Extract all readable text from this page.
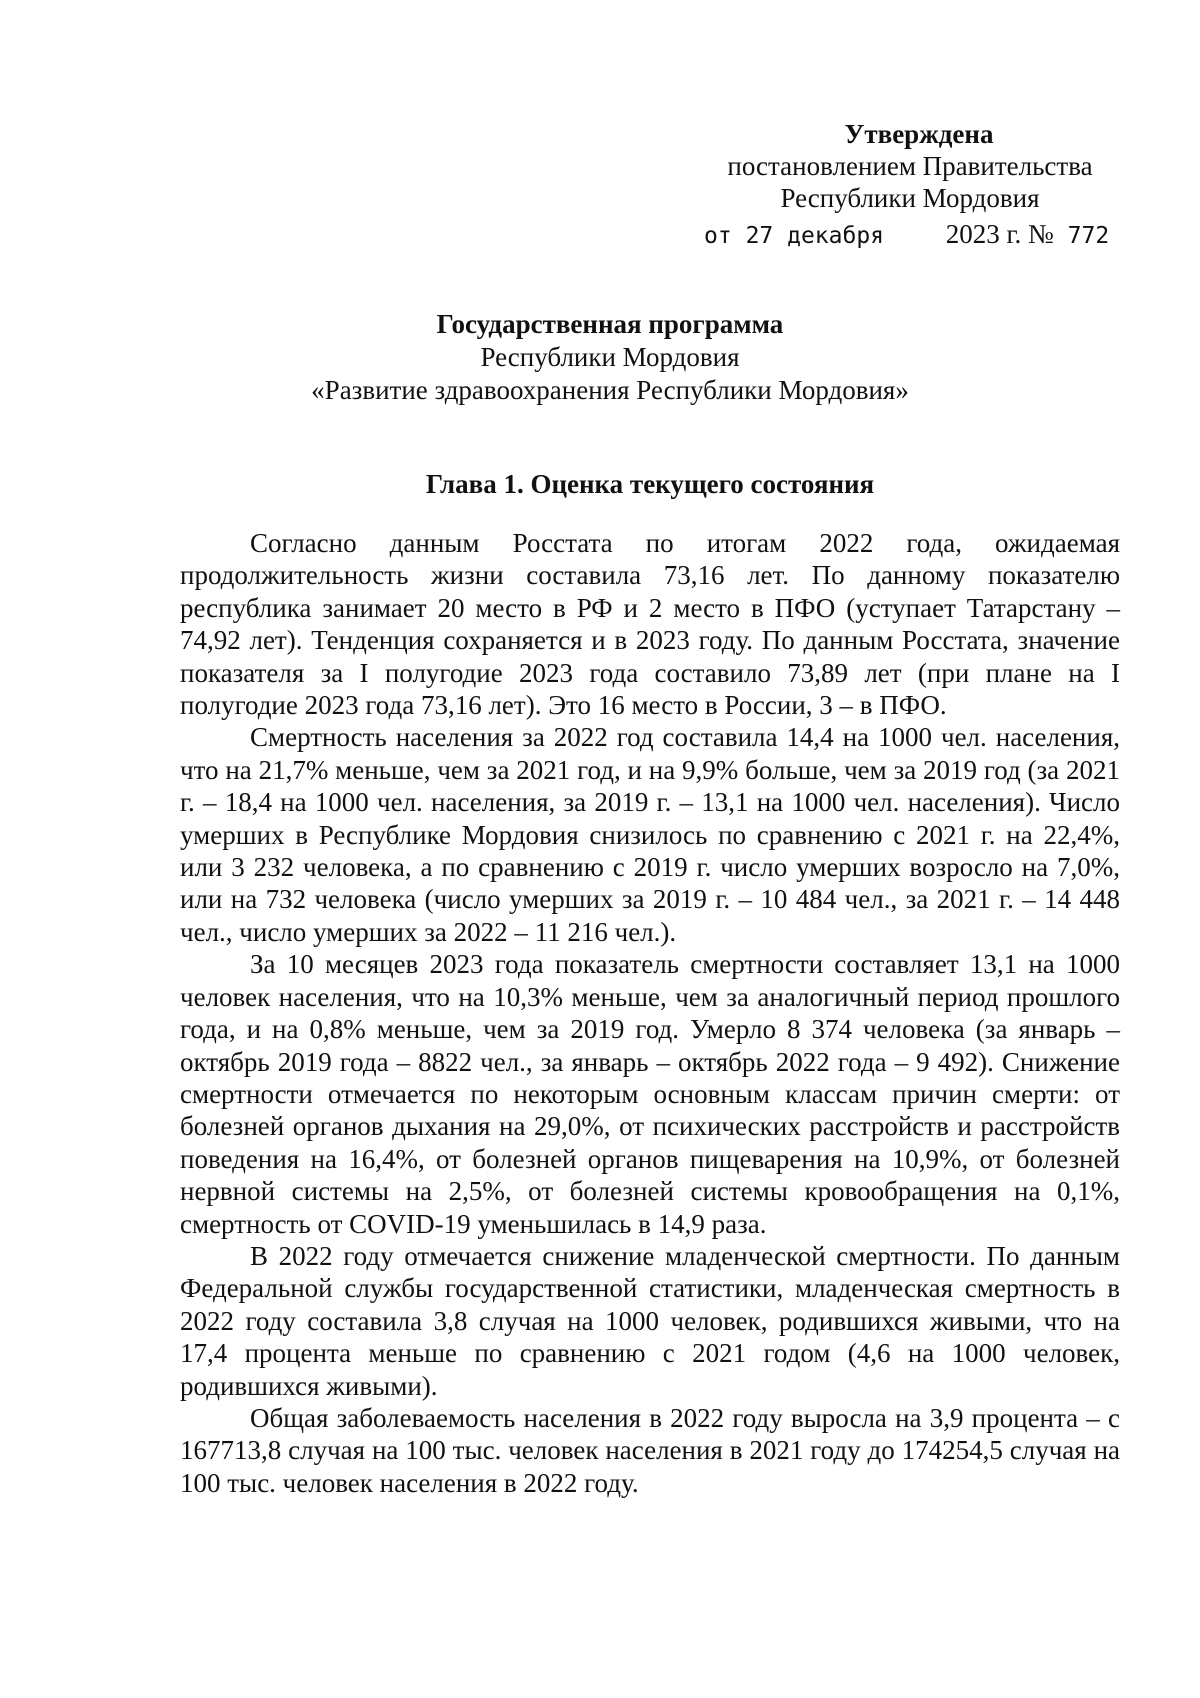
Утверждена
постановлением Правительства
Республики Мордовия
от 27 декабря 2023 г. № 772
Государственная программа
Республики Мордовия
«Развитие здравоохранения Республики Мордовия»
Глава 1. Оценка текущего состояния

Согласно данным Росстата по итогам 2022 года, ожидаемая продолжительность жизни составила 73,16 лет. По данному показателю республика занимает 20 место в РФ и 2 место в ПФО (уступает Татарстану – 74,92 лет). Тенденция сохраняется и в 2023 году. По данным Росстата, значение показателя за I полугодие 2023 года составило 73,89 лет (при плане на I полугодие 2023 года 73,16 лет). Это 16 место в России, 3 – в ПФО.

Смертность населения за 2022 год составила 14,4 на 1000 чел. населения, что на 21,7% меньше, чем за 2021 год, и на 9,9% больше, чем за 2019 год (за 2021 г. – 18,4 на 1000 чел. населения, за 2019 г. – 13,1 на 1000 чел. населения). Число умерших в Республике Мордовия снизилось по сравнению с 2021 г. на 22,4%, или 3 232 человека, а по сравнению с 2019 г. число умерших возросло на 7,0%, или на 732 человека (число умерших за 2019 г. – 10 484 чел., за 2021 г. – 14 448 чел., число умерших за 2022 – 11 216 чел.).

За 10 месяцев 2023 года показатель смертности составляет 13,1 на 1000 человек населения, что на 10,3% меньше, чем за аналогичный период прошлого года, и на 0,8% меньше, чем за 2019 год. Умерло 8 374 человека (за январь – октябрь 2019 года – 8822 чел., за январь – октябрь 2022 года – 9 492). Снижение смертности отмечается по некоторым основным классам причин смерти: от болезней органов дыхания на 29,0%, от психических расстройств и расстройств поведения на 16,4%, от болезней органов пищеварения на 10,9%, от болезней нервной системы на 2,5%, от болезней системы кровообращения на 0,1%, смертность от COVID-19 уменьшилась в 14,9 раза.

В 2022 году отмечается снижение младенческой смертности. По данным Федеральной службы государственной статистики, младенческая смертность в 2022 году составила 3,8 случая на 1000 человек, родившихся живыми, что на 17,4 процента меньше по сравнению с 2021 годом (4,6 на 1000 человек, родившихся живыми).

Общая заболеваемость населения в 2022 году выросла на 3,9 процента – с 167713,8 случая на 100 тыс. человек населения в 2021 году до 174254,5 случая на 100 тыс. человек населения в 2022 году.
